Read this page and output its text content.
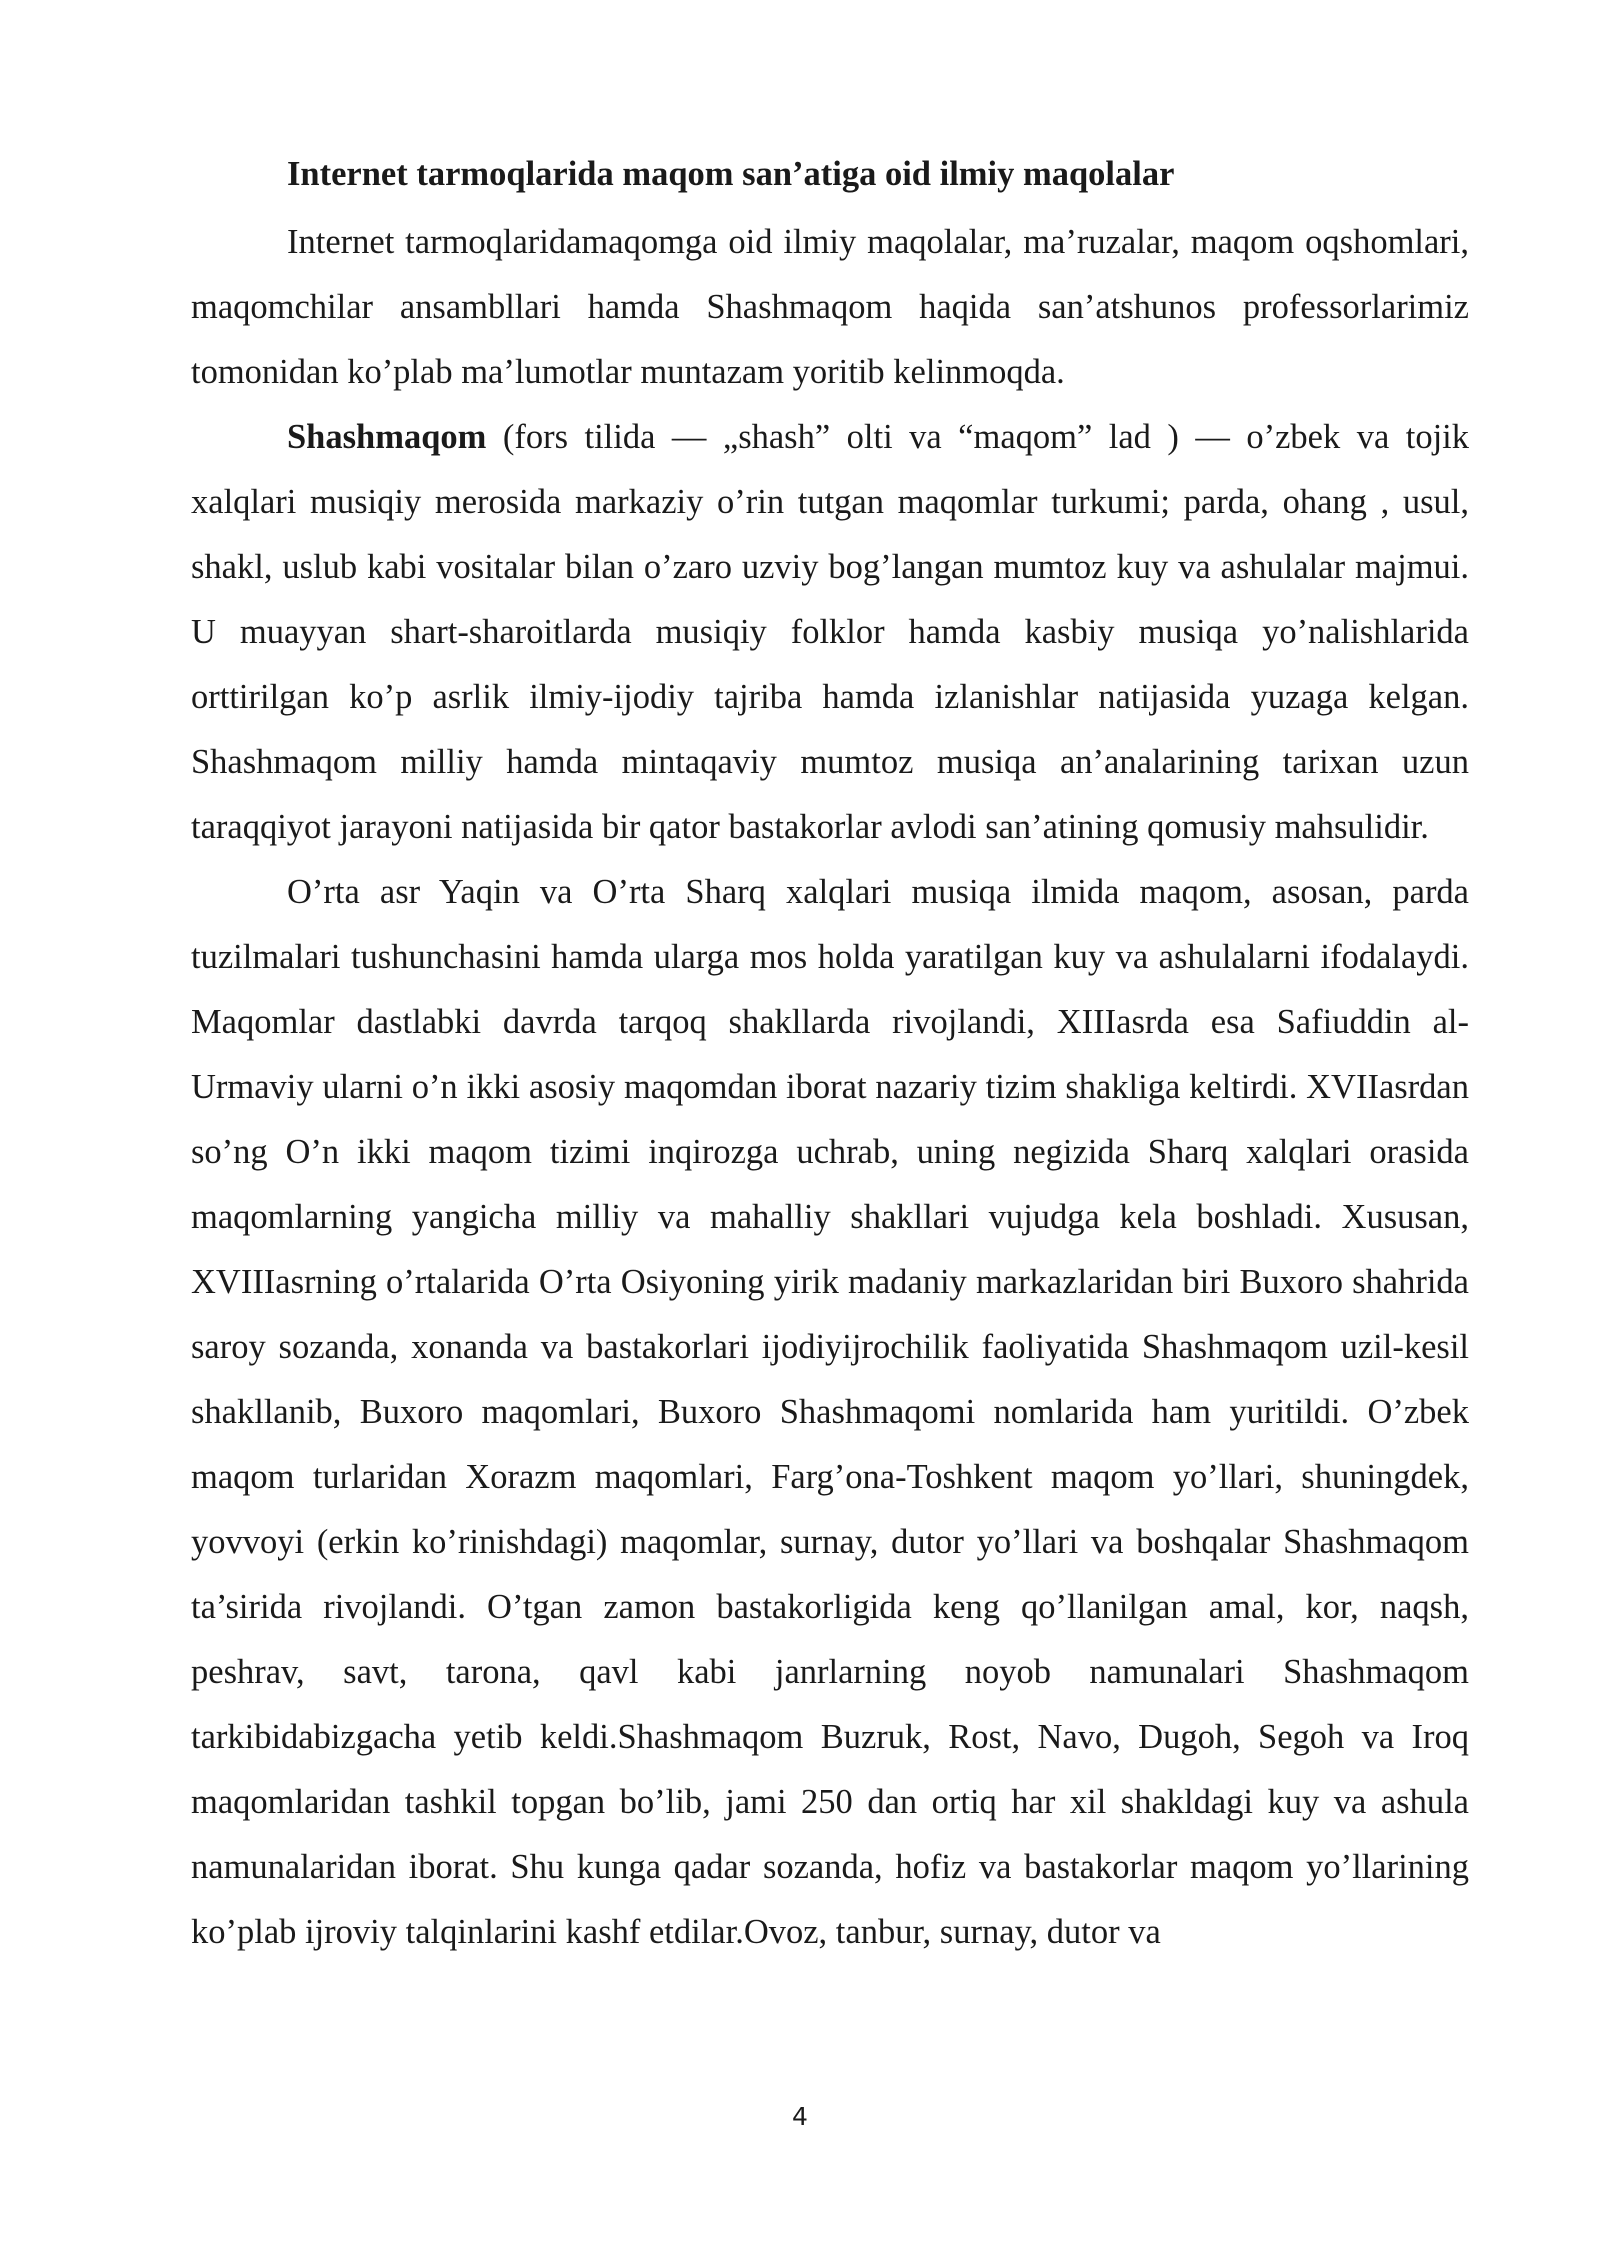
Internet tarmoqlarida maqom san’atiga oid ilmiy maqolalar

Internet tarmoqlaridamaqomga oid ilmiy maqolalar, ma’ruzalar, maqom oqshomlari, maqomchilar ansambllari hamda Shashmaqom haqida san’atshunos professorlarimiz tomonidan ko’plab ma’lumotlar muntazam yoritib kelinmoqda.

Shashmaqom (fors tilida — „shash” olti va “maqom” lad ) — o’zbek va tojik xalqlari musiqiy merosida markaziy o’rin tutgan maqomlar turkumi; parda, ohang , usul, shakl, uslub kabi vositalar bilan o’zaro uzviy bog’langan mumtoz kuy va ashulalar majmui. U muayyan shart-sharoitlarda musiqiy folklor hamda kasbiy musiqa yo’nalishlarida orttirilgan ko’p asrlik ilmiy-ijodiy tajriba hamda izlanishlar natijasida yuzaga kelgan. Shashmaqom milliy hamda mintaqaviy mumtoz musiqa an’analarining tarixan uzun taraqqiyot jarayoni natijasida bir qator bastakorlar avlodi san’atining qomusiy mahsulidir.

O’rta asr Yaqin va O’rta Sharq xalqlari musiqa ilmida maqom, asosan, parda tuzilmalari tushunchasini hamda ularga mos holda yaratilgan kuy va ashulalarni ifodalaydi. Maqomlar dastlabki davrda tarqoq shakllarda rivojlandi, XIIIasrda esa Safiuddin al-Urmaviy ularni o’n ikki asosiy maqomdan iborat nazariy tizim shakliga keltirdi. XVIIasrdan so’ng O’n ikki maqom tizimi inqirozga uchrab, uning negizida Sharq xalqlari orasida maqomlarning yangicha milliy va mahalliy shakllari vujudga kela boshladi. Xususan, XVIIIasrning o’rtalarida O’rta Osiyoning yirik madaniy markazlaridan biri Buxoro shahrida saroy sozanda, xonanda va bastakorlari ijodiyijrochilik faoliyatida Shashmaqom uzil-kesil shakllanib, Buxoro maqomlari, Buxoro Shashmaqomi nomlarida ham yuritildi. O’zbek maqom turlaridan Xorazm maqomlari, Farg’ona-Toshkent maqom yo’llari, shuningdek, yovvoyi (erkin ko’rinishdagi) maqomlar, surnay, dutor yo’llari va boshqalar Shashmaqom ta’sirida rivojlandi. O’tgan zamon bastakorligida keng qo’llanilgan amal, kor, naqsh, peshrav, savt, tarona, qavl kabi janrlarning noyob namunalari Shashmaqom tarkibidabizgacha yetib keldi.Shashmaqom Buzruk, Rost, Navo, Dugoh, Segoh va Iroq maqomlaridan tashkil topgan bo’lib, jami 250 dan ortiq har xil shakldagi kuy va ashula namunalaridan iborat. Shu kunga qadar sozanda, hofiz va bastakorlar maqom yo’llarining ko’plab ijroviy talqinlarini kashf etdilar.Ovoz, tanbur, surnay, dutor va

4
